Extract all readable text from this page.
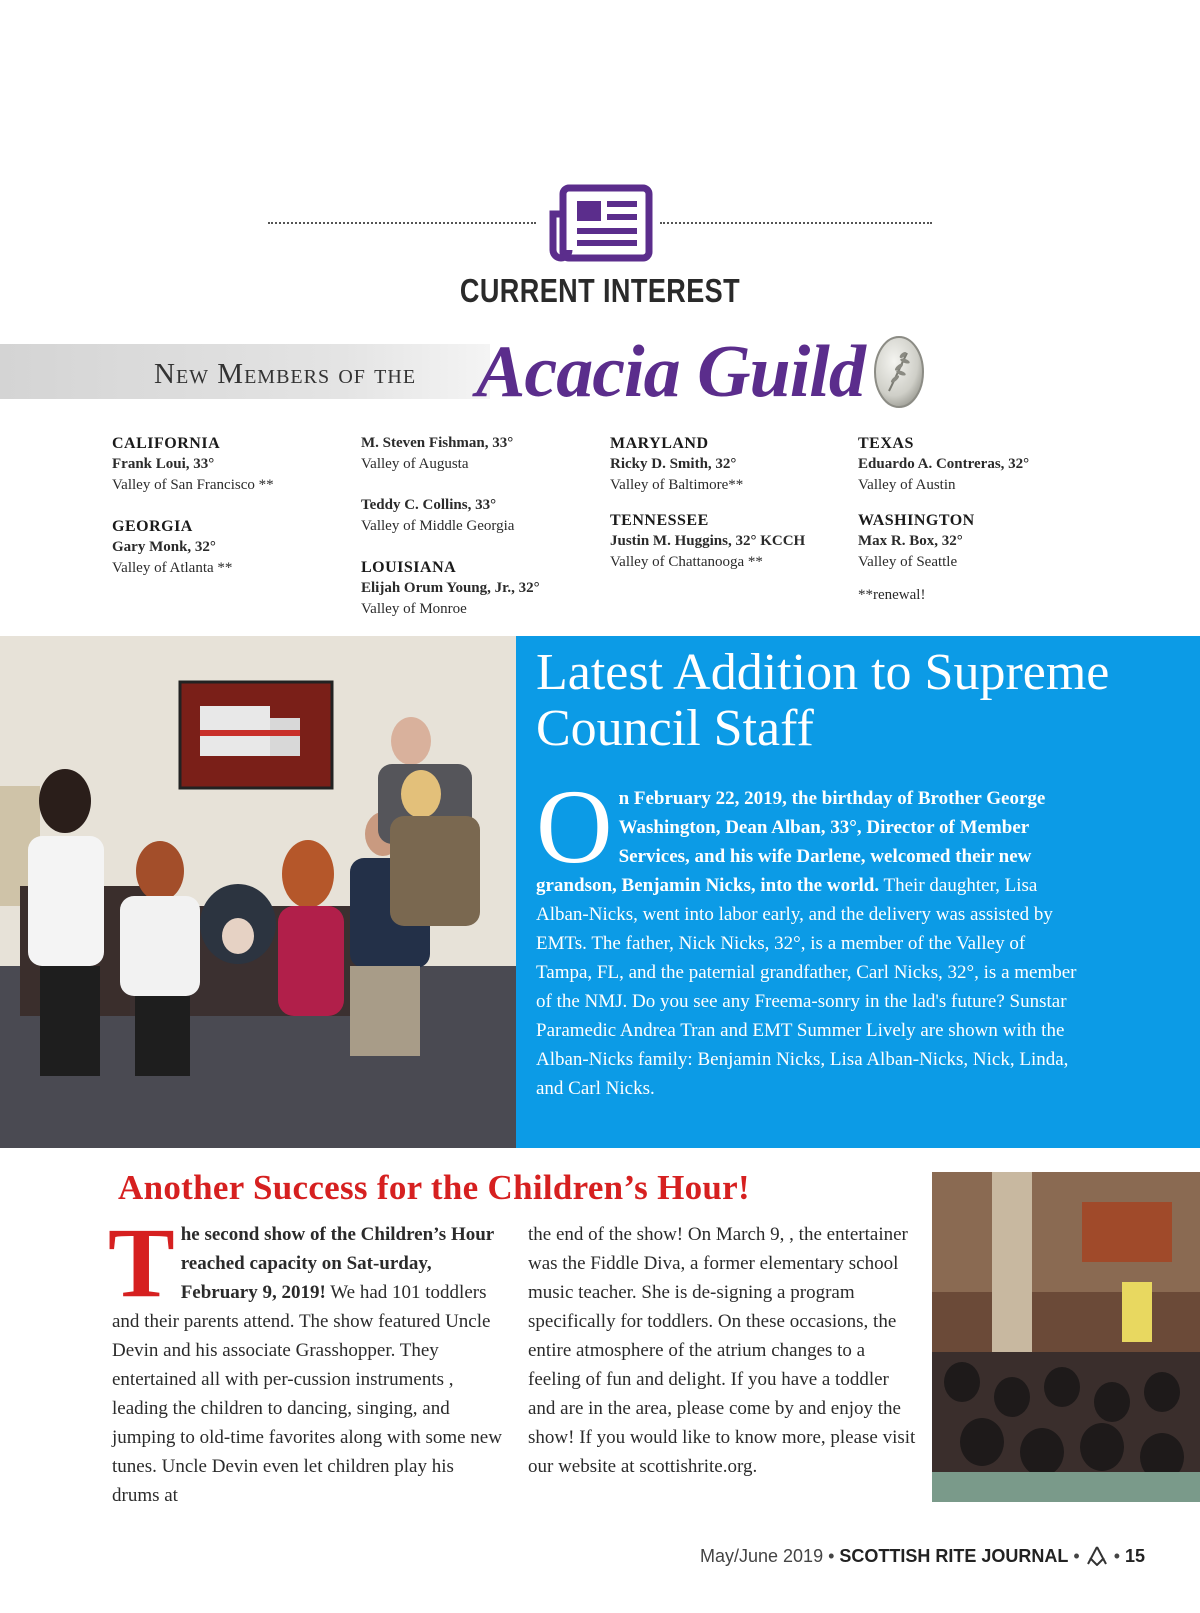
CURRENT INTEREST
New Members of the Acacia Guild
CALIFORNIA
Frank Loui, 33°
Valley of San Francisco **
GEORGIA
Gary Monk, 32°
Valley of Atlanta **
M. Steven Fishman, 33°
Valley of Augusta
Teddy C. Collins, 33°
Valley of Middle Georgia
LOUISIANA
Elijah Orum Young, Jr., 32°
Valley of Monroe
MARYLAND
Ricky D. Smith, 32°
Valley of Baltimore**
TENNESSEE
Justin M. Huggins, 32° KCCH
Valley of Chattanooga **
TEXAS
Eduardo A. Contreras, 32°
Valley of Austin
WASHINGTON
Max R. Box, 32°
Valley of Seattle
**renewal!
Latest Addition to Supreme Council Staff
On February 22, 2019, the birthday of Brother George Washington, Dean Alban, 33°, Director of Member Services, and his wife Darlene, welcomed their new grandson, Benjamin Nicks, into the world. Their daughter, Lisa Alban-Nicks, went into labor early, and the delivery was assisted by EMTs. The father, Nick Nicks, 32°, is a member of the Valley of Tampa, FL, and the paternial grandfather, Carl Nicks, 32°, is a member of the NMJ. Do you see any Freema-sonry in the lad's future? Sunstar Paramedic Andrea Tran and EMT Summer Lively are shown with the Alban-Nicks family: Benjamin Nicks, Lisa Alban-Nicks, Nick, Linda, and Carl Nicks.
Another Success for the Children’s Hour!
The second show of the Children’s Hour reached capacity on Sat-urday, February 9, 2019! We had 101 toddlers and their parents attend. The show featured Uncle Devin and his associate Grasshopper. They entertained all with per-cussion instruments , leading the children to dancing, singing, and jumping to old-time favorites along with some new tunes. Uncle Devin even let children play his drums at
the end of the show! On March 9, , the entertainer was the Fiddle Diva, a former elementary school music teacher. She is de-signing a program specifically for toddlers. On these occasions, the entire atmosphere of the atrium changes to a feeling of fun and delight. If you have a toddler and are in the area, please come by and enjoy the show! If you would like to know more, please visit our website at scottishrite.org.
May/June 2019 • SCOTTISH RITE JOURNAL •  • 15
